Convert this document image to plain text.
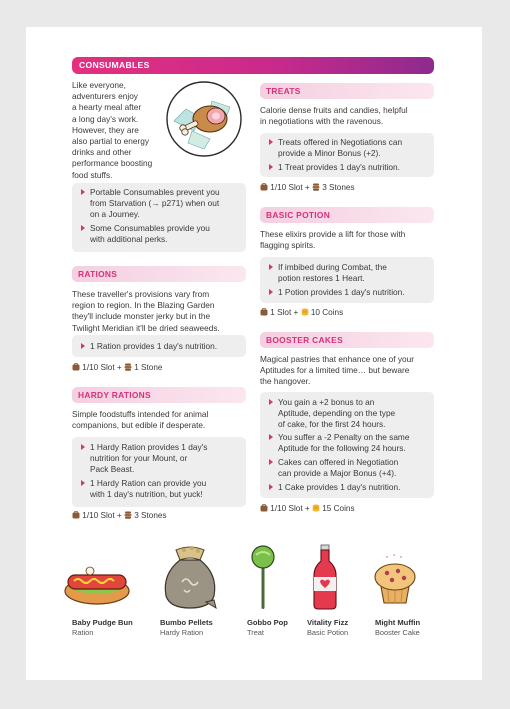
CONSUMABLES
Like everyone,
adventurers enjoy
a hearty meal after
a long day's work.
However, they are
also partial to energy
drinks and other
performance boosting
food stuffs.
Portable Consumables prevent you
from Starvation (→ p271) when out
on a Journey.
Some Consumables provide you
with additional perks.
RATIONS
These traveller's provisions vary from
region to region. In the Blazing Garden
they'll include monster jerky but in the
Twilight Meridian it'll be dried seaweeds.
1 Ration provides 1 day's nutrition.
1/10 Slot + 1 Stone
HARDY RATIONS
Simple foodstuffs intended for animal
companions, but edible if desperate.
1 Hardy Ration provides 1 day's
nutrition for your Mount, or
Pack Beast.
1 Hardy Ration can provide you
with 1 day's nutrition, but yuck!
1/10 Slot + 3 Stones
TREATS
Calorie dense fruits and candies, helpful
in negotiations with the ravenous.
Treats offered in Negotiations can
provide a Minor Bonus (+2).
1 Treat provides 1 day's nutrition.
1/10 Slot + 3 Stones
BASIC POTION
These elixirs provide a lift for those with
flagging spirits.
If imbibed during Combat, the
potion restores 1 Heart.
1 Potion provides 1 day's nutrition.
1 Slot + 10 Coins
BOOSTER CAKES
Magical pastries that enhance one of your
Aptitudes for a limited time… but beware
the hangover.
You gain a +2 bonus to an
Aptitude, depending on the type
of cake, for the first 24 hours.
You suffer a -2 Penalty on the same
Aptitude for the following 24 hours.
Cakes can offered in Negotiation
can provide a Major Bonus (+4).
1 Cake provides 1 day's nutrition.
1/10 Slot + 15 Coins
Baby Pudge Bun
Ration
Bumbo Pellets
Hardy Ration
Gobbo Pop
Treat
Vitality Fizz
Basic Potion
Might Muffin
Booster Cake
